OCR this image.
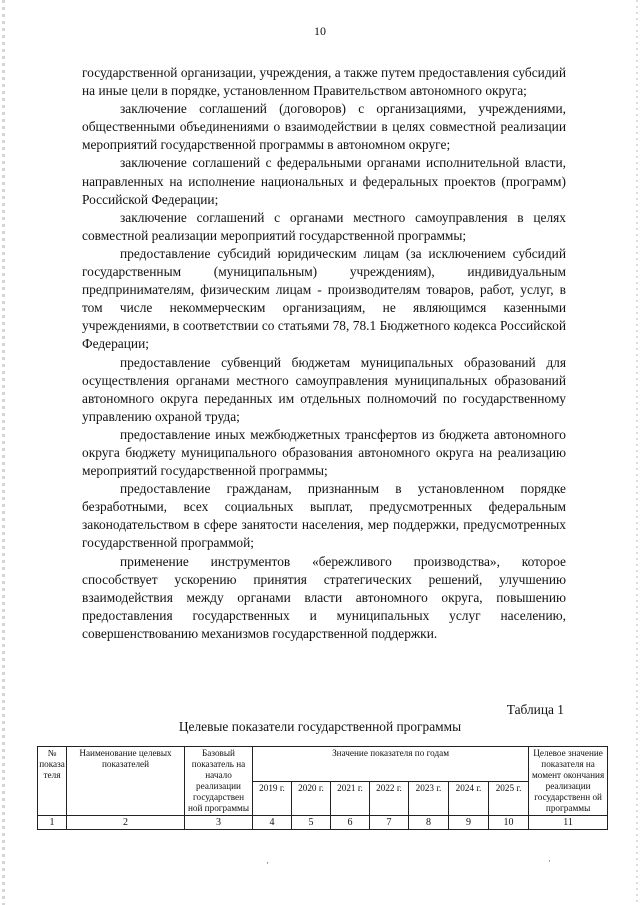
10

государственной организации, учреждения, а также путем предоставления субсидий на иные цели в порядке, установленном Правительством автономного округа;

заключение соглашений (договоров) с организациями, учреждениями, общественными объединениями о взаимодействии в целях совместной реализации мероприятий государственной программы в автономном округе;

заключение соглашений с федеральными органами исполнительной власти, направленных на исполнение национальных и федеральных проектов (программ) Российской Федерации;

заключение соглашений с органами местного самоуправления в целях совместной реализации мероприятий государственной программы;

предоставление субсидий юридическим лицам (за исключением субсидий государственным (муниципальным) учреждениям), индивидуальным предпринимателям, физическим лицам - производителям товаров, работ, услуг, в том числе некоммерческим организациям, не являющимся казенными учреждениями, в соответствии со статьями 78, 78.1 Бюджетного кодекса Российской Федерации;

предоставление субвенций бюджетам муниципальных образований для осуществления органами местного самоуправления муниципальных образований автономного округа переданных им отдельных полномочий по государственному управлению охраной труда;

предоставление иных межбюджетных трансфертов из бюджета автономного округа бюджету муниципального образования автономного округа на реализацию мероприятий государственной программы;

предоставление гражданам, признанным в установленном порядке безработными, всех социальных выплат, предусмотренных федеральным законодательством в сфере занятости населения, мер поддержки, предусмотренных государственной программой;

применение инструментов «бережливого производства», которое способствует ускорению принятия стратегических решений, улучшению взаимодействия между органами власти автономного округа, повышению предоставления государственных и муниципальных услуг населению, совершенствованию механизмов государственной поддержки.

Таблица 1
Целевые показатели государственной программы
№ показа теля	Наименование целевых показателей	Базовый показатель на начало реализации государствен ной программы	Значение показателя по годам							Целевое значение показателя на момент окончания реализации государственн ой программы
			2019 г.	2020 г.	2021 г.	2022 г.	2023 г.	2024 г.	2025 г.	
1	2	3	4	5	6	7	8	9	10	11
·	·
